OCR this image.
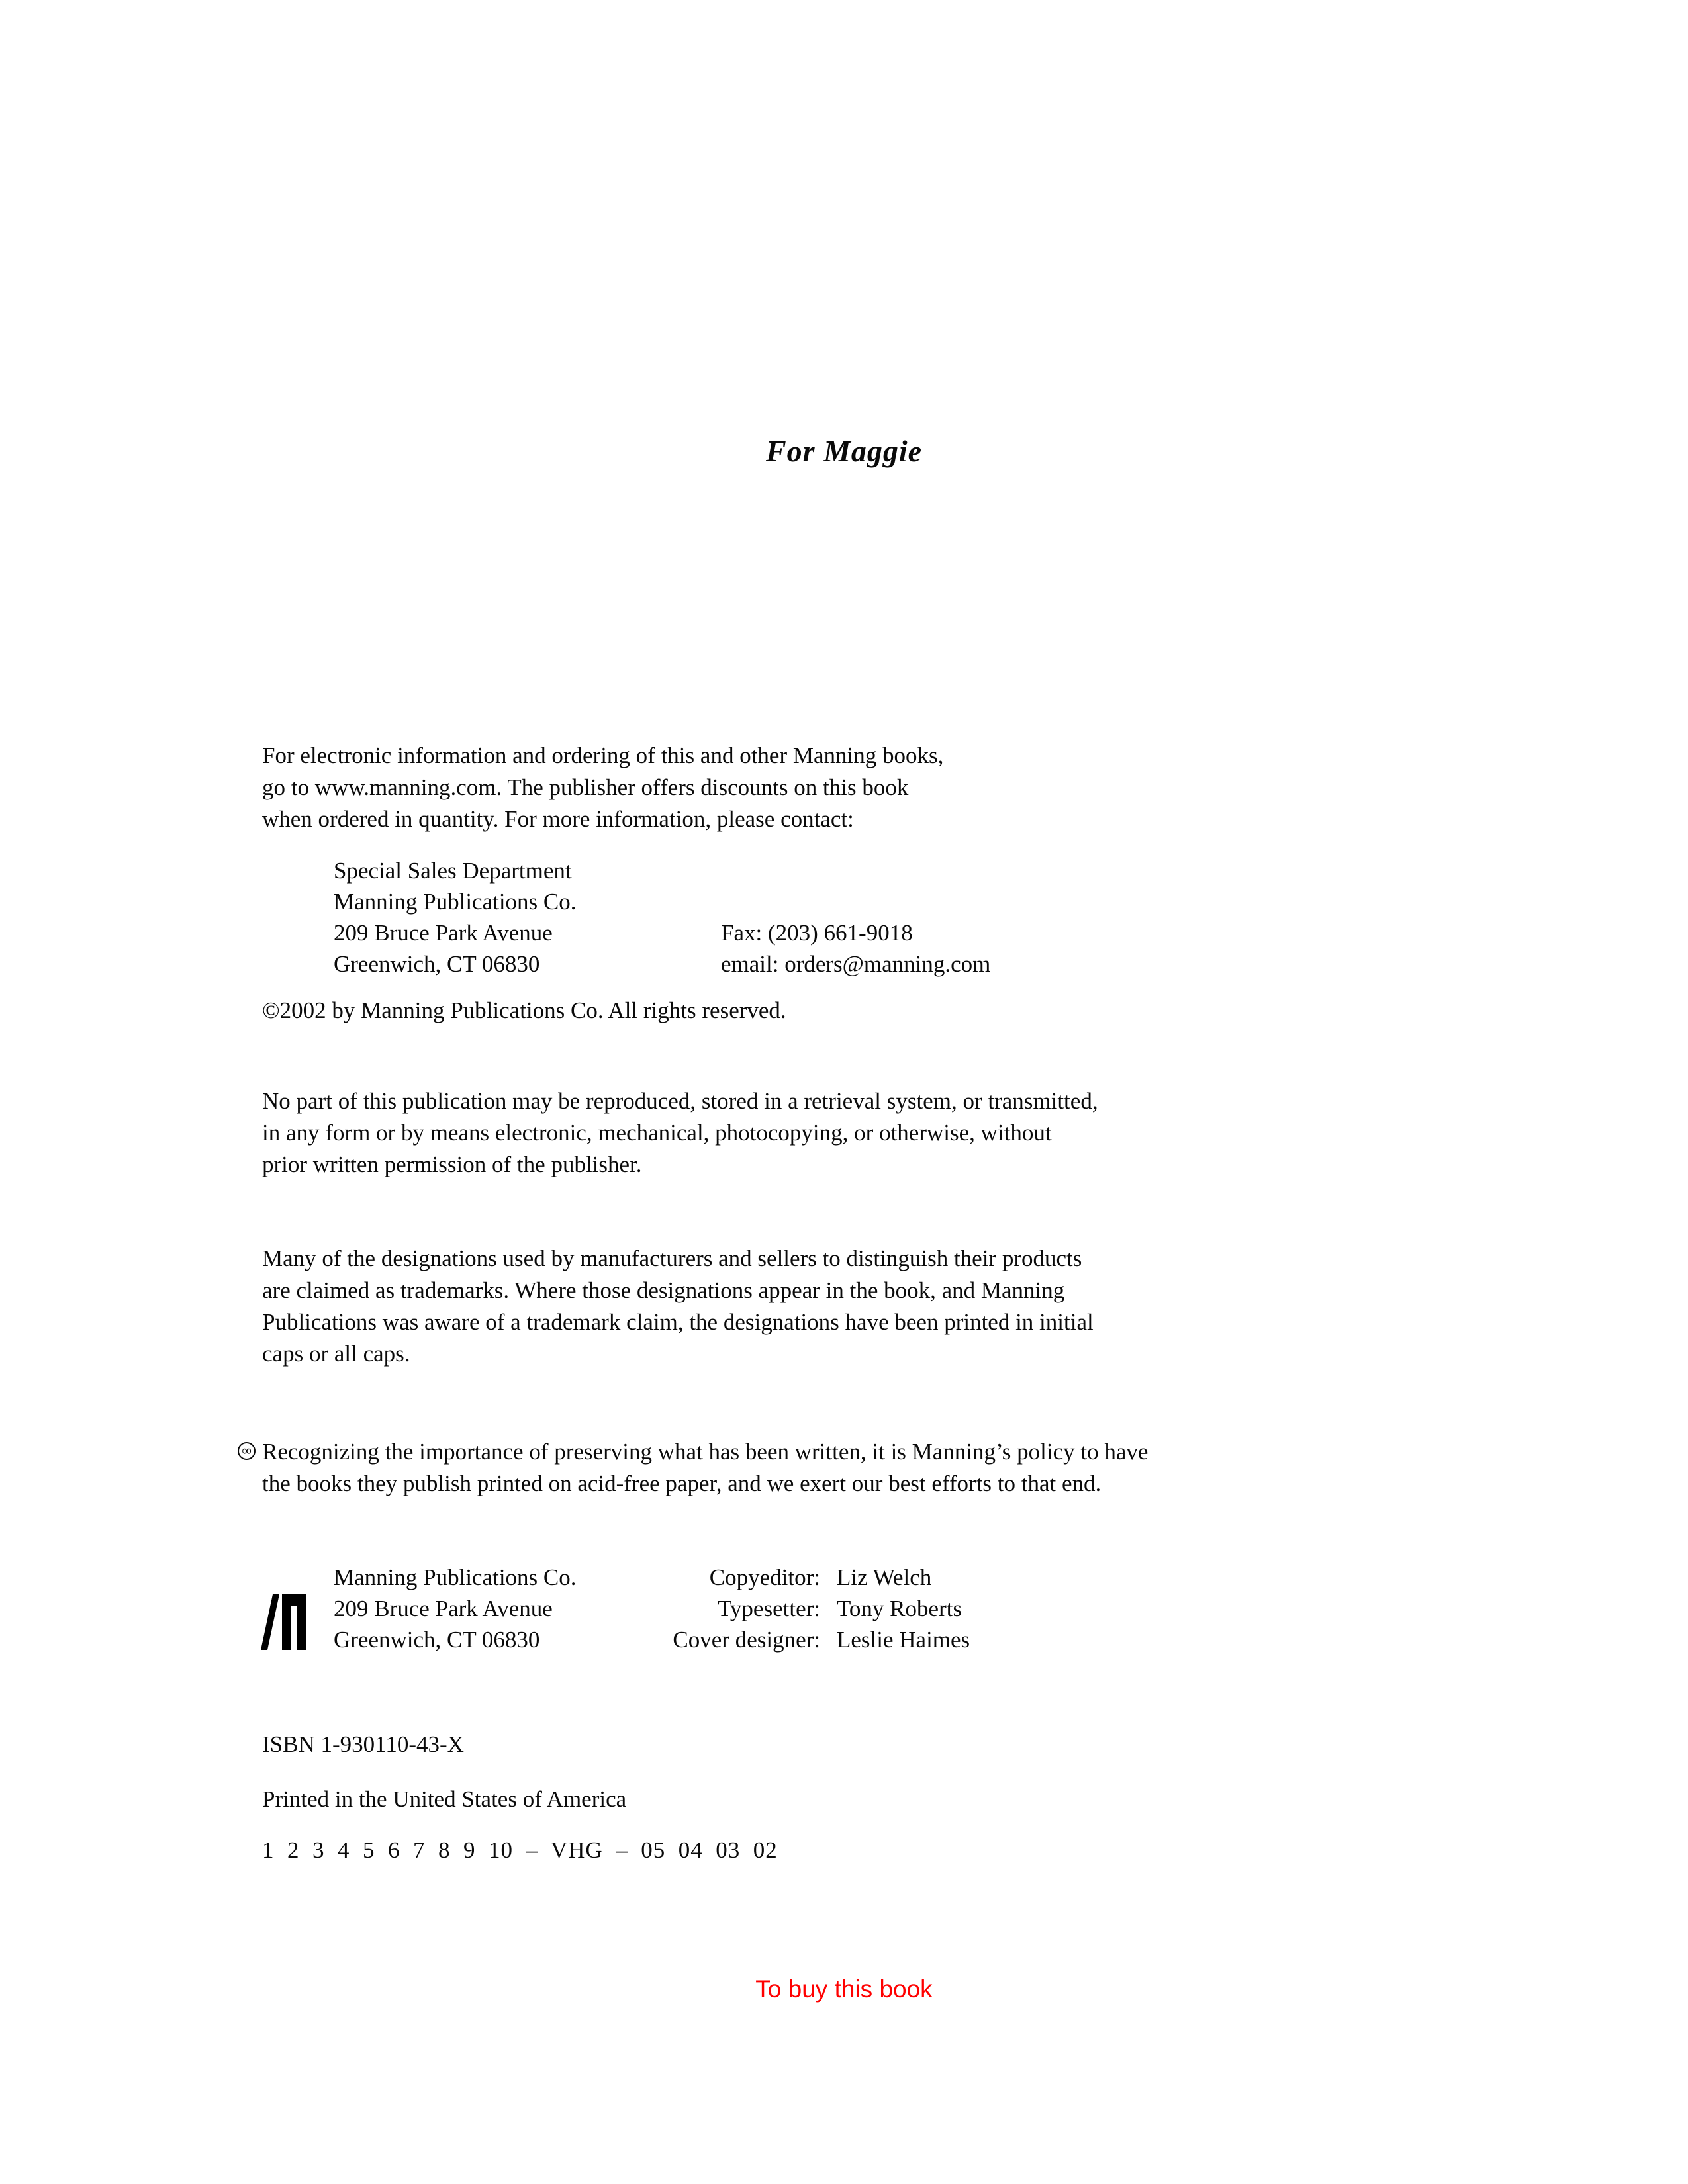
For Maggie
For electronic information and ordering of this and other Manning books,
go to www.manning.com. The publisher offers discounts on this book
when ordered in quantity. For more information, please contact:
Special Sales Department
Manning Publications Co.
209 Bruce Park Avenue	Fax: (203) 661-9018
Greenwich, CT 06830	email: orders@manning.com
©2002 by Manning Publications Co. All rights reserved.
No part of this publication may be reproduced, stored in a retrieval system, or transmitted,
in any form or by means electronic, mechanical, photocopying, or otherwise, without
prior written permission of the publisher.
Many of the designations used by manufacturers and sellers to distinguish their products
are claimed as trademarks. Where those designations appear in the book, and Manning
Publications was aware of a trademark claim, the designations have been printed in initial
caps or all caps.
∞ Recognizing the importance of preserving what has been written, it is Manning’s policy to have
the books they publish printed on acid-free paper, and we exert our best efforts to that end.
Manning Publications Co.	Copyeditor: Liz Welch
209 Bruce Park Avenue	Typesetter: Tony Roberts
Greenwich, CT 06830	Cover designer: Leslie Haimes
ISBN 1-930110-43-X
Printed in the United States of America
1  2  3  4  5  6  7  8  9  10  –  VHG  –  05  04  03  02
To buy this book
